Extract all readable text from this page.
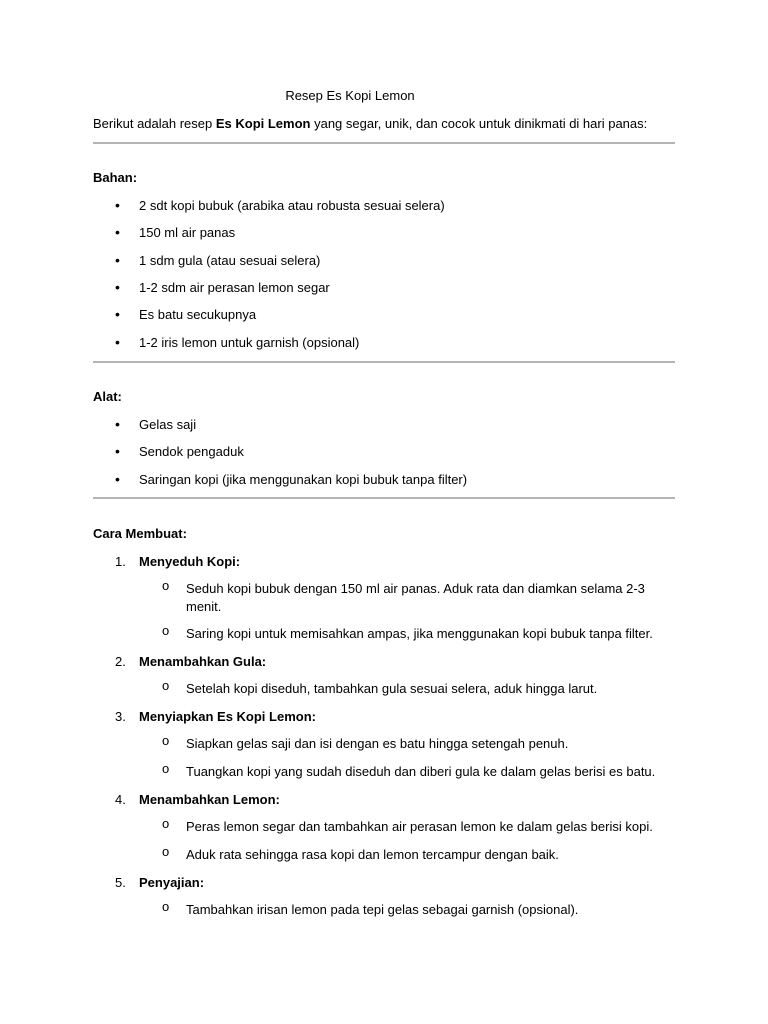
Resep Es Kopi Lemon
Berikut adalah resep Es Kopi Lemon yang segar, unik, dan cocok untuk dinikmati di hari panas:
Bahan:
• 2 sdt kopi bubuk (arabika atau robusta sesuai selera)
• 150 ml air panas
• 1 sdm gula (atau sesuai selera)
• 1-2 sdm air perasan lemon segar
• Es batu secukupnya
• 1-2 iris lemon untuk garnish (opsional)
Alat:
• Gelas saji
• Sendok pengaduk
• Saringan kopi (jika menggunakan kopi bubuk tanpa filter)
Cara Membuat:
1. Menyeduh Kopi:
o Seduh kopi bubuk dengan 150 ml air panas. Aduk rata dan diamkan selama 2-3 menit.
o Saring kopi untuk memisahkan ampas, jika menggunakan kopi bubuk tanpa filter.
2. Menambahkan Gula:
o Setelah kopi diseduh, tambahkan gula sesuai selera, aduk hingga larut.
3. Menyiapkan Es Kopi Lemon:
o Siapkan gelas saji dan isi dengan es batu hingga setengah penuh.
o Tuangkan kopi yang sudah diseduh dan diberi gula ke dalam gelas berisi es batu.
4. Menambahkan Lemon:
o Peras lemon segar dan tambahkan air perasan lemon ke dalam gelas berisi kopi.
o Aduk rata sehingga rasa kopi dan lemon tercampur dengan baik.
5. Penyajian:
o Tambahkan irisan lemon pada tepi gelas sebagai garnish (opsional).
